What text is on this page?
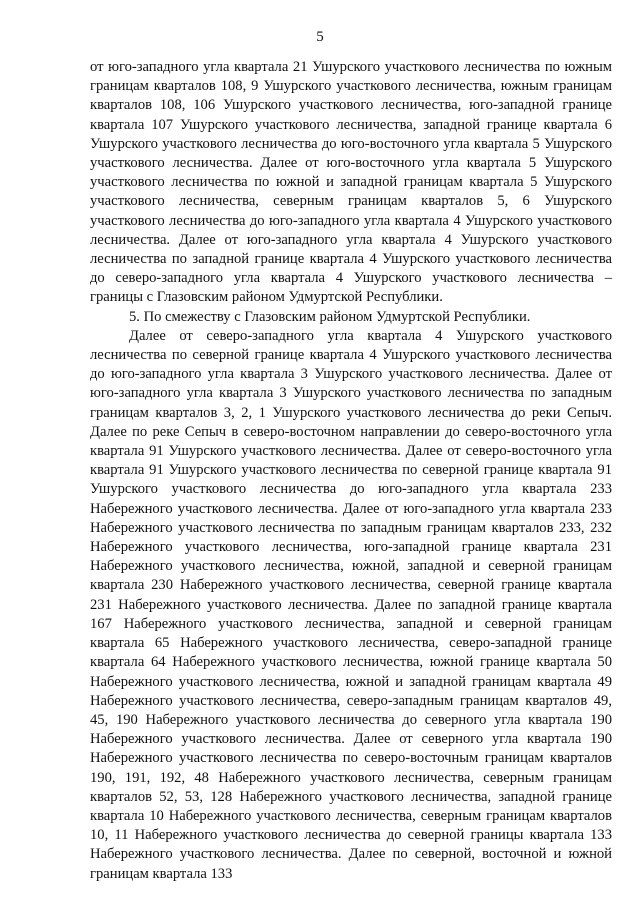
5

от юго-западного угла квартала 21 Ушурского участкового лесничества по южным границам кварталов 108, 9 Ушурского участкового лесничества, южным границам кварталов 108, 106 Ушурского участкового лесничества, юго-западной границе квартала 107 Ушурского участкового лесничества, западной границе квартала 6 Ушурского участкового лесничества до юго-восточного угла квартала 5 Ушурского участкового лесничества. Далее от юго-восточного угла квартала 5 Ушурского участкового лесничества по южной и западной границам квартала 5 Ушурского участкового лесничества, северным границам кварталов 5, 6 Ушурского участкового лесничества до юго-западного угла квартала 4 Ушурского участкового лесничества. Далее от юго-западного угла квартала 4 Ушурского участкового лесничества по западной границе квартала 4 Ушурского участкового лесничества до северо-западного угла квартала 4 Ушурского участкового лесничества – границы с Глазовским районом Удмуртской Республики.

5. По смежеству с Глазовским районом Удмуртской Республики.

Далее от северо-западного угла квартала 4 Ушурского участкового лесничества по северной границе квартала 4 Ушурского участкового лесничества до юго-западного угла квартала 3 Ушурского участкового лесничества. Далее от юго-западного угла квартала 3 Ушурского участкового лесничества по западным границам кварталов 3, 2, 1 Ушурского участкового лесничества до реки Сепыч. Далее по реке Сепыч в северо-восточном направлении до северо-восточного угла квартала 91 Ушурского участкового лесничества. Далее от северо-восточного угла квартала 91 Ушурского участкового лесничества по северной границе квартала 91 Ушурского участкового лесничества до юго-западного угла квартала 233 Набережного участкового лесничества. Далее от юго-западного угла квартала 233 Набережного участкового лесничества по западным границам кварталов 233, 232 Набережного участкового лесничества, юго-западной границе квартала 231 Набережного участкового лесничества, южной, западной и северной границам квартала 230 Набережного участкового лесничества, северной границе квартала 231 Набережного участкового лесничества. Далее по западной границе квартала 167 Набережного участкового лесничества, западной и северной границам квартала 65 Набережного участкового лесничества, северо-западной границе квартала 64 Набережного участкового лесничества, южной границе квартала 50 Набережного участкового лесничества, южной и западной границам квартала 49 Набережного участкового лесничества, северо-западным границам кварталов 49, 45, 190 Набережного участкового лесничества до северного угла квартала 190 Набережного участкового лесничества. Далее от северного угла квартала 190 Набережного участкового лесничества по северо-восточным границам кварталов 190, 191, 192, 48 Набережного участкового лесничества, северным границам кварталов 52, 53, 128 Набережного участкового лесничества, западной границе квартала 10 Набережного участкового лесничества, северным границам кварталов 10, 11 Набережного участкового лесничества до северной границы квартала 133 Набережного участкового лесничества. Далее по северной, восточной и южной границам квартала 133
